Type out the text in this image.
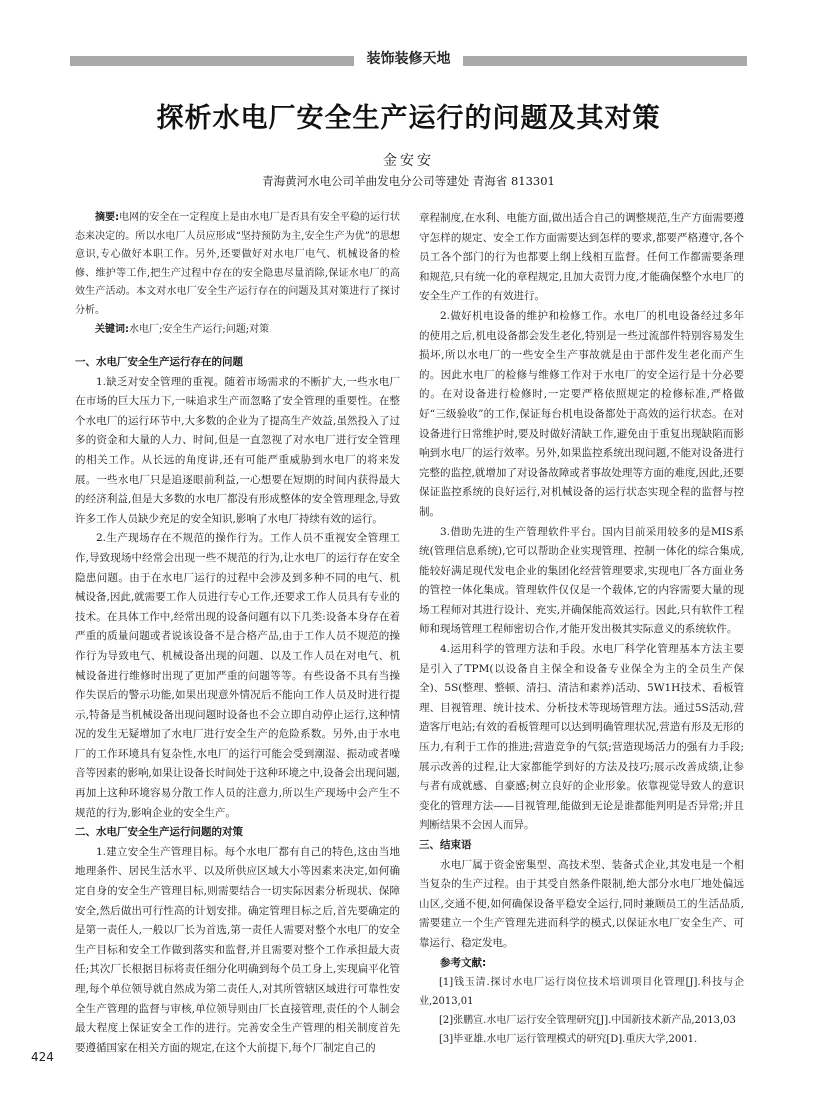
装饰装修天地
探析水电厂安全生产运行的问题及其对策
金安安
青海黄河水电公司羊曲发电分公司等建处 青海省 813301

摘要:电网的安全在一定程度上是由水电厂是否具有安全平稳的运行状态来决定的。所以水电厂人员应形成“坚持预防为主,安全生产为优”的思想意识,专心做好本职工作。另外,还要做好对水电厂电气、机械设备的检修、维护等工作,把生产过程中存在的安全隐患尽量消除,保证水电厂的高效生产活动。本文对水电厂安全生产运行存在的问题及其对策进行了探讨分析。

关键词:水电厂;安全生产运行;问题;对策

一、水电厂安全生产运行存在的问题

1.缺乏对安全管理的重视。随着市场需求的不断扩大,一些水电厂在市场的巨大压力下,一味追求生产而忽略了安全管理的重要性。在整个水电厂的运行环节中,大多数的企业为了提高生产效益,虽然投入了过多的资金和大量的人力、时间,但是一直忽视了对水电厂进行安全管理的相关工作。从长远的角度讲,还有可能严重威胁到水电厂的将来发展。一些水电厂只是追逐眼前利益,一心想要在短期的时间内获得最大的经济利益,但是大多数的水电厂都没有形成整体的安全管理理念,导致许多工作人员缺少充足的安全知识,影响了水电厂持续有效的运行。

2.生产现场存在不规范的操作行为。工作人员不重视安全管理工作,导致现场中经常会出现一些不规范的行为,让水电厂的运行存在安全隐患问题。由于在水电厂运行的过程中会涉及到多种不同的电气、机械设备,因此,就需要工作人员进行专心工作,还要求工作人员具有专业的技术。在具体工作中,经常出现的设备问题有以下几类:设备本身存在着严重的质量问题或者说该设备不是合格产品,由于工作人员不规范的操作行为导致电气、机械设备出现的问题、以及工作人员在对电气、机械设备进行维修时出现了更加严重的问题等等。有些设备不具有当操作失误后的警示功能,如果出现意外情况后不能向工作人员及时进行提示,特备是当机械设备出现问题时设备也不会立即自动停止运行,这种情况的发生无疑增加了水电厂进行安全生产的危险系数。另外,由于水电厂的工作环境具有复杂性,水电厂的运行可能会受到潮湿、振动或者噪音等因素的影响,如果让设备长时间处于这种环境之中,设备会出现问题,再加上这种环境容易分散工作人员的注意力,所以生产现场中会产生不规范的行为,影响企业的安全生产。

二、水电厂安全生产运行问题的对策

1.建立安全生产管理目标。每个水电厂都有自己的特色,这由当地地理条件、居民生活水平、以及所供应区域大小等因素来决定,如何确定自身的安全生产管理目标,则需要结合一切实际因素分析现状、保障安全,然后做出可行性高的计划安排。确定管理目标之后,首先要确定的是第一责任人,一般以厂长为首选,第一责任人需要对整个水电厂的安全生产目标和安全工作做到落实和监督,并且需要对整个工作承担最大责任;其次厂长根据目标将责任细分化明确到每个员工身上,实现扁平化管理,每个单位领导就自然成为第二责任人,对其所管辖区域进行可靠性安全生产管理的监督与审核,单位领导则由厂长直接管理,责任的个人制会最大程度上保证安全工作的进行。完善安全生产管理的相关制度首先要遵循国家在相关方面的规定,在这个大前提下,每个厂制定自己的

章程制度,在水利、电能方面,做出适合自己的调整规范,生产方面需要遵守怎样的规定、安全工作方面需要达到怎样的要求,都要严格遵守,各个员工各个部门的行为也都要上纲上线相互监督。任何工作都需要条理和规范,只有统一化的章程规定,且加大责罚力度,才能确保整个水电厂的安全生产工作的有效进行。

2.做好机电设备的维护和检修工作。水电厂的机电设备经过多年的使用之后,机电设备都会发生老化,特别是一些过流部件特别容易发生损坏,所以水电厂的一些安全生产事故就是由于部件发生老化而产生的。因此水电厂的检修与维修工作对于水电厂的安全运行是十分必要的。在对设备进行检修时,一定要严格依照规定的检修标准,严格做好“三级验收”的工作,保证每台机电设备都处于高效的运行状态。在对设备进行日常维护时,要及时做好清缺工作,避免由于重复出现缺陷而影响到水电厂的运行效率。另外,如果监控系统出现问题,不能对设备进行完整的监控,就增加了对设备故障或者事故处理等方面的难度,因此,还要保证监控系统的良好运行,对机械设备的运行状态实现全程的监督与控制。

3.借助先进的生产管理软件平台。国内目前采用较多的是MIS系统(管理信息系统),它可以帮助企业实现管理、控制一体化的综合集成,能较好满足现代发电企业的集团化经营管理要求,实现电厂各方面业务的管控一体化集成。管理软件仅仅是一个载体,它的内容需要大量的现场工程师对其进行设计、充实,并确保能高效运行。因此,只有软件工程师和现场管理工程师密切合作,才能开发出极其实际意义的系统软件。

4.运用科学的管理方法和手段。水电厂科学化管理基本方法主要是引入了TPM(以设备自主保全和设备专业保全为主的全员生产保全)、5S(整理、整顿、清扫、清洁和素养)活动、5W1H技术、看板管理、目视管理、统计技术、分析技术等现场管理方法。通过5S活动,营造客厅电站;有效的看板管理可以达到明确管理状况,营造有形及无形的压力,有利于工作的推进;营造竞争的气氛;营造现场活力的强有力手段;展示改善的过程,让大家都能学到好的方法及技巧;展示改善成绩,让参与者有成就感、自豪感;树立良好的企业形象。依靠视觉导致人的意识变化的管理方法——目视管理,能做到无论是谁都能判明是否异常;并且判断结果不会因人而异。

三、结束语

水电厂属于资金密集型、高技术型、装备式企业,其发电是一个相当复杂的生产过程。由于其受自然条件限制,绝大部分水电厂地处偏远山区,交通不便,如何确保设备平稳安全运行,同时兼顾员工的生活品质,需要建立一个生产管理先进而科学的模式,以保证水电厂安全生产、可靠运行、稳定发电。

参考文献:

[1]钱玉清.探讨水电厂运行岗位技术培训项目化管理[J].科技与企业,2013,01

[2]张鹏宣.水电厂运行安全管理研究[J].中国新技术新产品,2013,03

[3]毕亚雄.水电厂运行管理模式的研究[D].重庆大学,2001.

424
